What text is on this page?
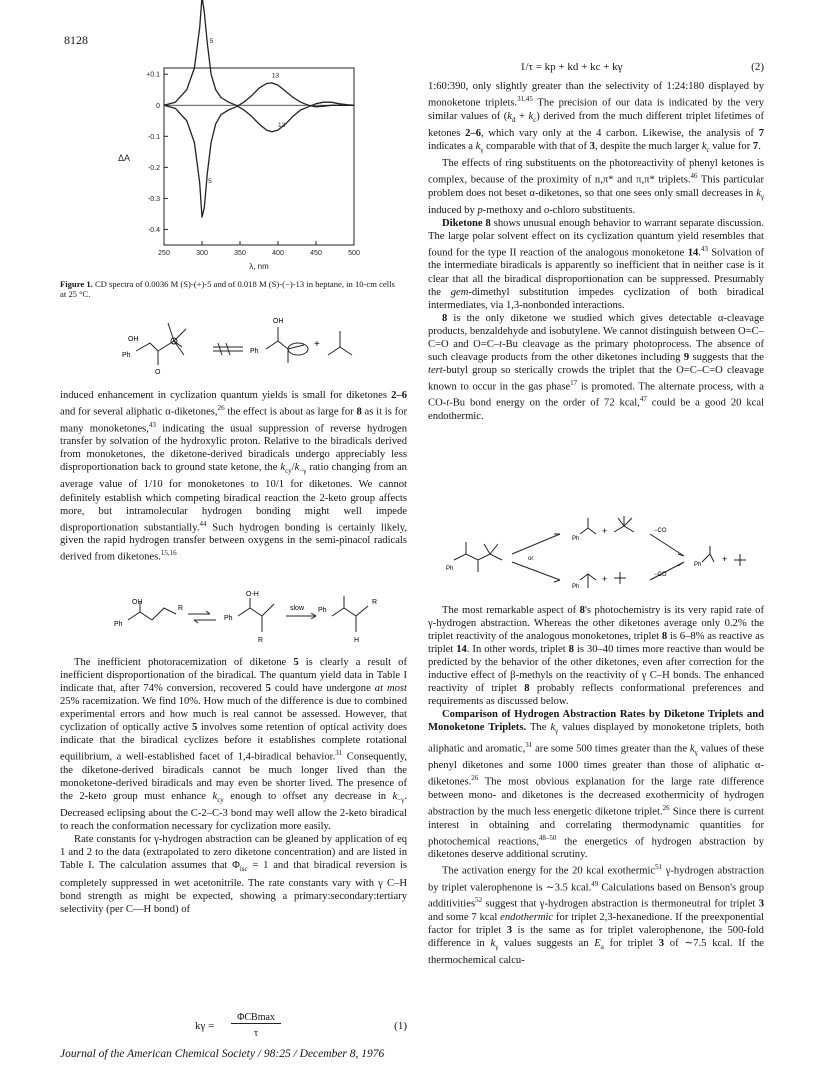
8128
+0.1
0
-0.1
-0.2
-0.3
-0.4
250	300	350	400	450	500
λ, nm
ΔA
5
5
13
13
Figure 1. CD spectra of 0.0036 M (S)-(+)-5 and of 0.018 M (S)-(−)-13 in heptane, in 10-cm cells at 25 °C.
OH
Ph
O
OH
Ph
+

induced enhancement in cyclization quantum yields is small for diketones 2–6 and for several aliphatic α-diketones,$^{26}$ the effect is about as large for 8 as it is for many monoketones,$^{43}$ indicating the usual suppression of reverse hydrogen transfer by solvation of the hydroxylic proton. Relative to the biradicals derived from monoketones, the diketone-derived biradicals undergo appreciably less disproportionation back to ground state ketone, the $k_{cy}/k_{-\gamma}$ ratio changing from an average value of 1/10 for monoketones to 10/1 for diketones. We cannot definitely establish which competing biradical reaction the 2-keto group affects more, but intramolecular hydrogen bonding might well impede disproportionation substantially.$^{44}$ Such hydrogen bonding is certainly likely, given the rapid hydrogen transfer between oxygens in the semi-pinacol radicals derived from diketones.$^{15,16}$

OH
Ph
R
O-H
Ph
R
slow Ph
R
H

The inefficient photoracemization of diketone 5 is clearly a result of inefficient disproportionation of the biradical. The quantum yield data in Table I indicate that, after 74% conversion, recovered 5 could have undergone at most 25% racemization. We find 10%. How much of the difference is due to combined experimental errors and how much is real cannot be assessed. However, that cyclization of optically active 5 involves some retention of optical activity does indicate that the biradical cyclizes before it establishes complete rotational equilibrium, a well-established facet of 1,4-biradical behavior.$^{31}$ Consequently, the diketone-derived biradicals cannot be much longer lived than the monoketone-derived biradicals and may even be shorter lived. The presence of the 2-keto group must enhance $k_{cy}$ enough to offset any decrease in $k_{-\gamma}$. Decreased eclipsing about the C-2–C-3 bond may well allow the 2-keto biradical to reach the conformation necessary for cyclization more easily.

Rate constants for γ-hydrogen abstraction can be gleaned by application of eq 1 and 2 to the data (extrapolated to zero diketone concentration) and are listed in Table I. The calculation assumes that $\Phi_{isc} = 1$ and that biradical reversion is completely suppressed in wet acetonitrile. The rate constants vary with γ C–H bond strength as might be expected, showing a primary:secondary:tertiary selectivity (per C—H bond) of

kγ =
ΦCBmax
τ
(1)
1/τ = kp + kd + kc + kγ	(2)

1:60:390, only slightly greater than the selectivity of 1:24:180 displayed by monoketone triplets.$^{31,45}$ The precision of our data is indicated by the very similar values of $(k_d + k_c)$ derived from the much different triplet lifetimes of ketones 2–6, which vary only at the 4 carbon. Likewise, the analysis of 7 indicates a $k_\gamma$ comparable with that of 3, despite the much larger $k_c$ value for 7.

The effects of ring substituents on the photoreactivity of phenyl ketones is complex, because of the proximity of n,π* and π,π* triplets.$^{46}$ This particular problem does not beset α-diketones, so that one sees only small decreases in $k_\gamma$ induced by p-methoxy and o-chloro substituents.

Diketone 8 shows unusual enough behavior to warrant separate discussion. The large polar solvent effect on its cyclization quantum yield resembles that found for the type II reaction of the analogous monoketone 14.43 Solvation of the intermediate biradicals is apparently so inefficient that in neither case is it clear that all the biradical disproportionation can be suppressed. Presumably the gem-dimethyl substitution impedes cyclization of both biradical intermediates, via 1,3-nonbonded interactions.

8 is the only diketone we studied which gives detectable α-cleavage products, benzaldehyde and isobutylene. We cannot distinguish between O=C–C=O and O=C–t-Bu cleavage as the primary photoprocess. The absence of such cleavage products from the other diketones including 9 suggests that the tert-butyl group so sterically crowds the triplet that the O=C–C=O cleavage known to occur in the gas phase$^{17}$ is promoted. The alternate process, with a CO-t-Bu bond energy on the order of 72 kcal,$^{47}$ could be a good 20 kcal endothermic.

Ph
or
Ph
+
Ph
+
−CO
−CO
Ph
+

The most remarkable aspect of 8's photochemistry is its very rapid rate of γ-hydrogen abstraction. Whereas the other diketones average only 0.2% the triplet reactivity of the analogous monoketones, triplet 8 is 6–8% as reactive as triplet 14. In other words, triplet 8 is 30–40 times more reactive than would be predicted by the behavior of the other diketones, even after correction for the inductive effect of β-methyls on the reactivity of γ C–H bonds. The enhanced reactivity of triplet 8 probably reflects conformational preferences and requirements as discussed below.

Comparison of Hydrogen Abstraction Rates by Diketone Triplets and Monoketone Triplets. The $k_\gamma$ values displayed by monoketone triplets, both aliphatic and aromatic,$^{31}$ are some 500 times greater than the $k_\gamma$ values of these phenyl diketones and some 1000 times greater than those of aliphatic α-diketones.$^{26}$ The most obvious explanation for the large rate difference between mono- and diketones is the decreased exothermicity of hydrogen abstraction by the much less energetic diketone triplet.$^{26}$ Since there is current interest in obtaining and correlating thermodynamic quantities for photochemical reactions,$^{48-50}$ the energetics of hydrogen abstraction by diketones deserve additional scrutiny.

The activation energy for the 20 kcal exothermic$^{51}$ γ-hydrogen abstraction by triplet valerophenone is ∼3.5 kcal.$^{49}$ Calculations based on Benson's group additivities$^{52}$ suggest that γ-hydrogen abstraction is thermoneutral for triplet 3 and some 7 kcal endothermic for triplet 2,3-hexanedione. If the preexponential factor for triplet 3 is the same as for triplet valerophenone, the 500-fold difference in $k_\gamma$ values suggests an $E_a$ for triplet 3 of ∼7.5 kcal. If the thermochemical calcu-

Journal of the American Chemical Society / 98:25 / December 8, 1976
